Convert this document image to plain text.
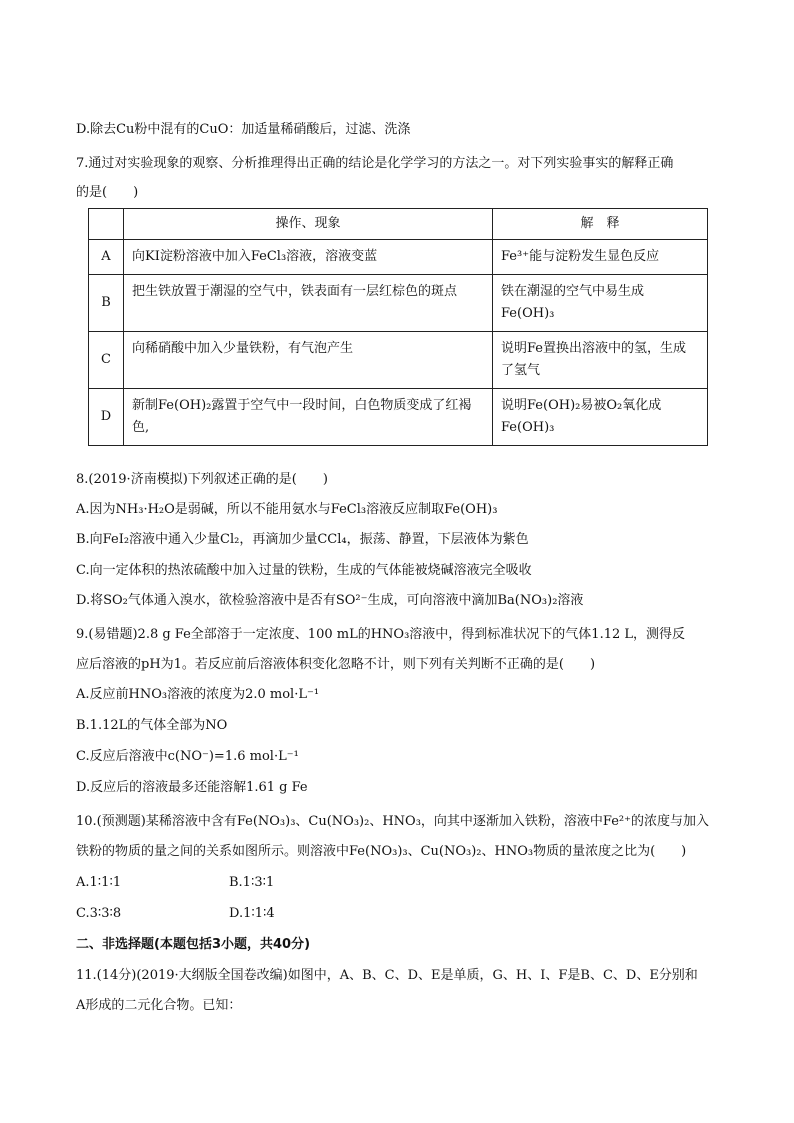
D.除去Cu粉中混有的CuO：加适量稀硝酸后，过滤、洗涤
7.通过对实验现象的观察、分析推理得出正确的结论是化学学习的方法之一。对下列实验事实的解释正确
的是(　　)
	操作、现象	解　释
A	向KI淀粉溶液中加入FeCl₃溶液，溶液变蓝	Fe³⁺能与淀粉发生显色反应

B	把生铁放置于潮湿的空气中，铁表面有一层红棕色的斑点	铁在潮湿的空气中易生成
Fe(OH)₃

C	向稀硝酸中加入少量铁粉，有气泡产生	说明Fe置换出溶液中的氢，生成
了氢气

D	新制Fe(OH)₂露置于空气中一段时间，白色物质变成了红褐色,	说明Fe(OH)₂易被O₂氧化成
Fe(OH)₃
8.(2019·济南模拟)下列叙述正确的是(　　)
A.因为NH₃·H₂O是弱碱，所以不能用氨水与FeCl₃溶液反应制取Fe(OH)₃
B.向FeI₂溶液中通入少量Cl₂，再滴加少量CCl₄，振荡、静置，下层液体为紫色
C.向一定体积的热浓硫酸中加入过量的铁粉，生成的气体能被烧碱溶液完全吸收
D.将SO₂气体通入溴水，欲检验溶液中是否有SO²⁻生成，可向溶液中滴加Ba(NO₃)₂溶液
9.(易错题)2.8 g Fe全部溶于一定浓度、100 mL的HNO₃溶液中，得到标准状况下的气体1.12 L，测得反
应后溶液的pH为1。若反应前后溶液体积变化忽略不计，则下列有关判断不正确的是(　　)
A.反应前HNO₃溶液的浓度为2.0 mol·L⁻¹
B.1.12L的气体全部为NO
C.反应后溶液中c(NO⁻)=1.6 mol·L⁻¹
D.反应后的溶液最多还能溶解1.61 g Fe
10.(预测题)某稀溶液中含有Fe(NO₃)₃、Cu(NO₃)₂、HNO₃，向其中逐渐加入铁粉，溶液中Fe²⁺的浓度与加入
铁粉的物质的量之间的关系如图所示。则溶液中Fe(NO₃)₃、Cu(NO₃)₂、HNO₃物质的量浓度之比为(　　)
A.1∶1∶1	B.1∶3∶1
C.3∶3∶8	D.1∶1∶4
二、非选择题(本题包括3小题，共40分)
11.(14分)(2019·大纲版全国卷改编)如图中，A、B、C、D、E是单质，G、H、I、F是B、C、D、E分别和
A形成的二元化合物。已知：
